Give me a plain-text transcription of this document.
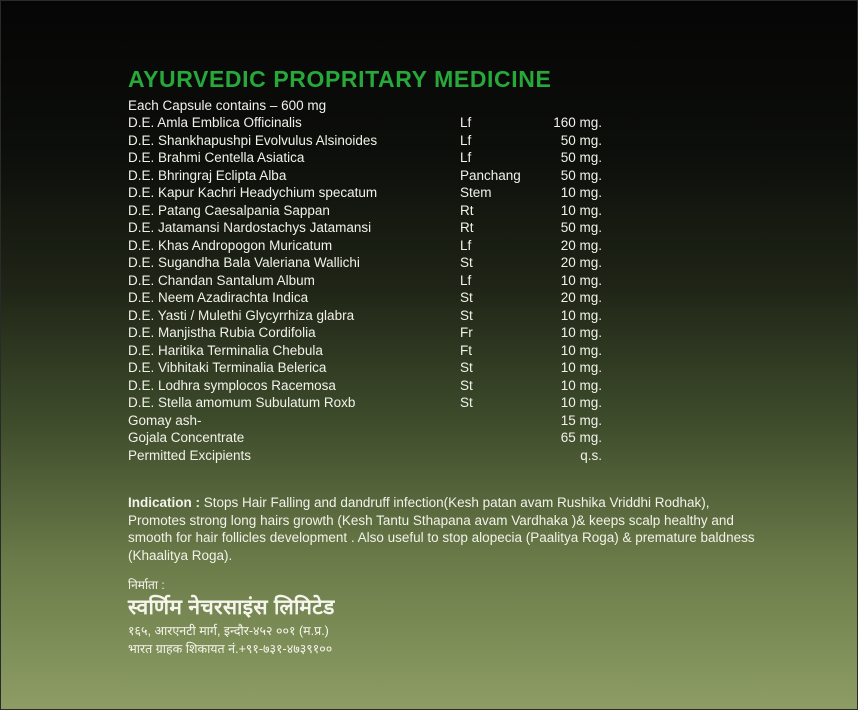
AYURVEDIC PROPRITARY MEDICINE
Each Capsule contains – 600 mg
D.E. Amla Emblica Officinalis	Lf	160 mg.
D.E. Shankhapushpi Evolvulus Alsinoides	Lf	50 mg.
D.E. Brahmi Centella Asiatica	Lf	50 mg.
D.E. Bhringraj Eclipta Alba	Panchang	50 mg.
D.E. Kapur Kachri Headychium specatum	Stem	10 mg.
D.E. Patang Caesalpania Sappan	Rt	10 mg.
D.E. Jatamansi Nardostachys Jatamansi	Rt	50 mg.
D.E. Khas Andropogon Muricatum	Lf	20 mg.
D.E. Sugandha Bala Valeriana Wallichi	St	20 mg.
D.E. Chandan Santalum Album	Lf	10 mg.
D.E. Neem Azadirachta Indica	St	20 mg.
D.E. Yasti / Mulethi Glycyrrhiza glabra	St	10 mg.
D.E. Manjistha Rubia Cordifolia	Fr	10 mg.
D.E. Haritika Terminalia Chebula	Ft	10 mg.
D.E. Vibhitaki Terminalia Belerica	St	10 mg.
D.E. Lodhra symplocos Racemosa	St	10 mg.
D.E. Stella amomum Subulatum Roxb	St	10 mg.
Gomay ash-	15 mg.
Gojala Concentrate	65 mg.
Permitted Excipients	q.s.
Indication : Stops Hair Falling and dandruff infection(Kesh patan avam Rushika Vriddhi Rodhak), Promotes strong long hairs growth (Kesh Tantu Sthapana avam Vardhaka )& keeps scalp healthy and smooth for hair follicles development . Also useful to stop alopecia (Paalitya Roga) & premature baldness (Khaalitya Roga).
निर्माता :
स्वर्णिम नेचरसाइंस लिमिटेड
१६५, आरएनटी मार्ग, इन्दौर-४५२ ००१ (म.प्र.)
भारत ग्राहक शिकायत नं.+९१-७३१-४७३९१००
